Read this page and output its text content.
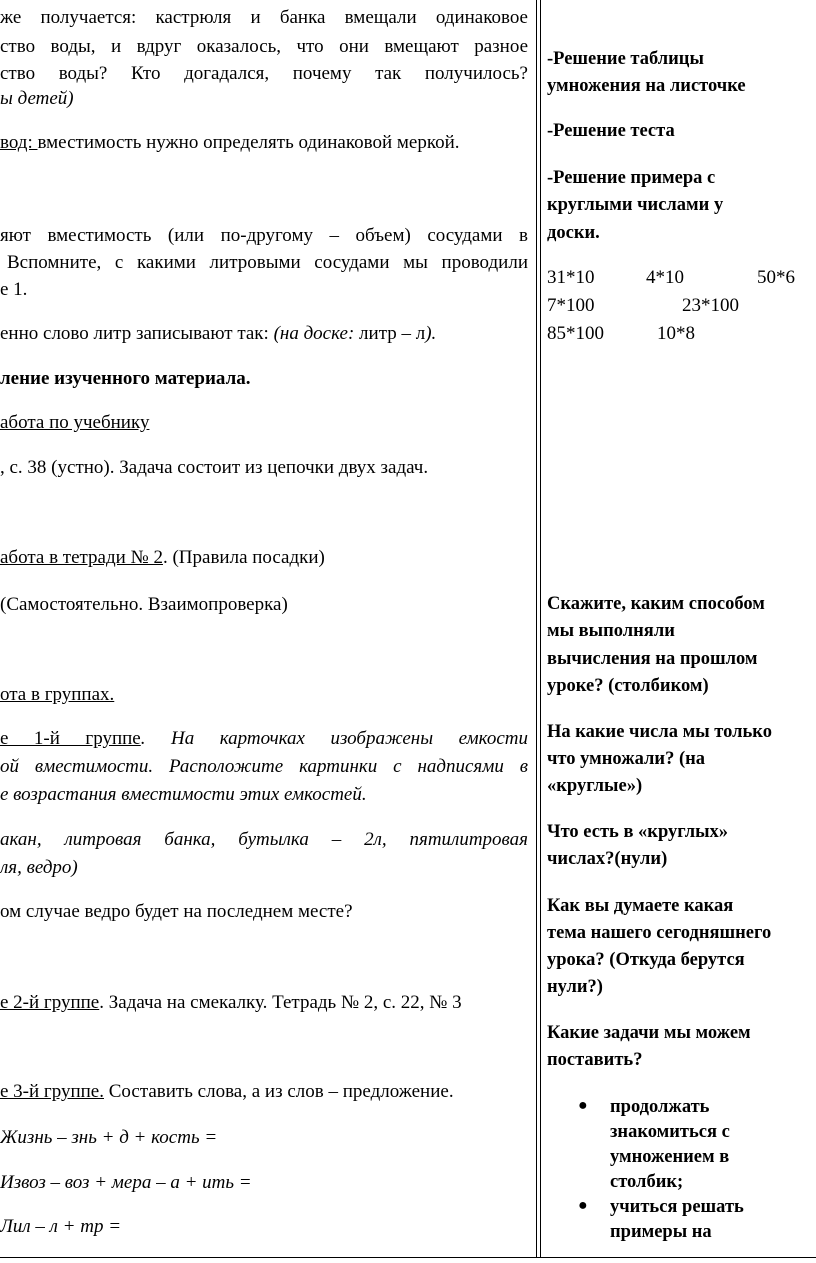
же получается: кастрюля и банка вмещали одинаковое
ство воды, и вдруг оказалось, что они вмещают разное
ство воды? Кто догадался, почему так получилось?
ы детей)
вод: вместимость нужно определять одинаковой меркой.
яют вместимость (или по-другому – объем) сосудами в
Вспомните, с какими литровыми сосудами мы проводили
е 1.
енно слово литр записывают так: (на доске: литр – л).
ление изученного материала.
абота по учебнику
, с. 38 (устно). Задача состоит из цепочки двух задач.
абота в тетради № 2. (Правила посадки)
(Самостоятельно. Взаимопроверка)
ота в группах.
е 1-й группе. На карточках изображены емкости
ой вместимости. Расположите картинки с надписями в
е возрастания вместимости этих емкостей.
акан, литровая банка, бутылка – 2л, пятилитровая
ля, ведро)
ом случае ведро будет на последнем месте?
е 2-й группе. Задача на смекалку. Тетрадь № 2, с. 22, № 3
е 3-й группе. Составить слова, а из слов – предложение.
Жизнь – знь + д + кость =
Извоз – воз + мера – а + ить =
Лил – л + тр =
-Решение таблицы
умножения на листочке
-Решение теста
-Решение примера с
круглыми числами у
доски.
31*10	4*10	50*6
7*100	23*100
85*100	10*8
Скажите, каким способом
мы выполняли
вычисления на прошлом
уроке? (столбиком)
На какие числа мы только
что умножали? (на
«круглые»)
Что есть в «круглых»
числах?(нули)
Как вы думаете какая
тема нашего сегодняшнего
урока? (Откуда берутся
нули?)
Какие задачи мы можем
поставить?
● продолжать
знакомиться с
умножением в
столбик;
● учиться решать
примеры на
